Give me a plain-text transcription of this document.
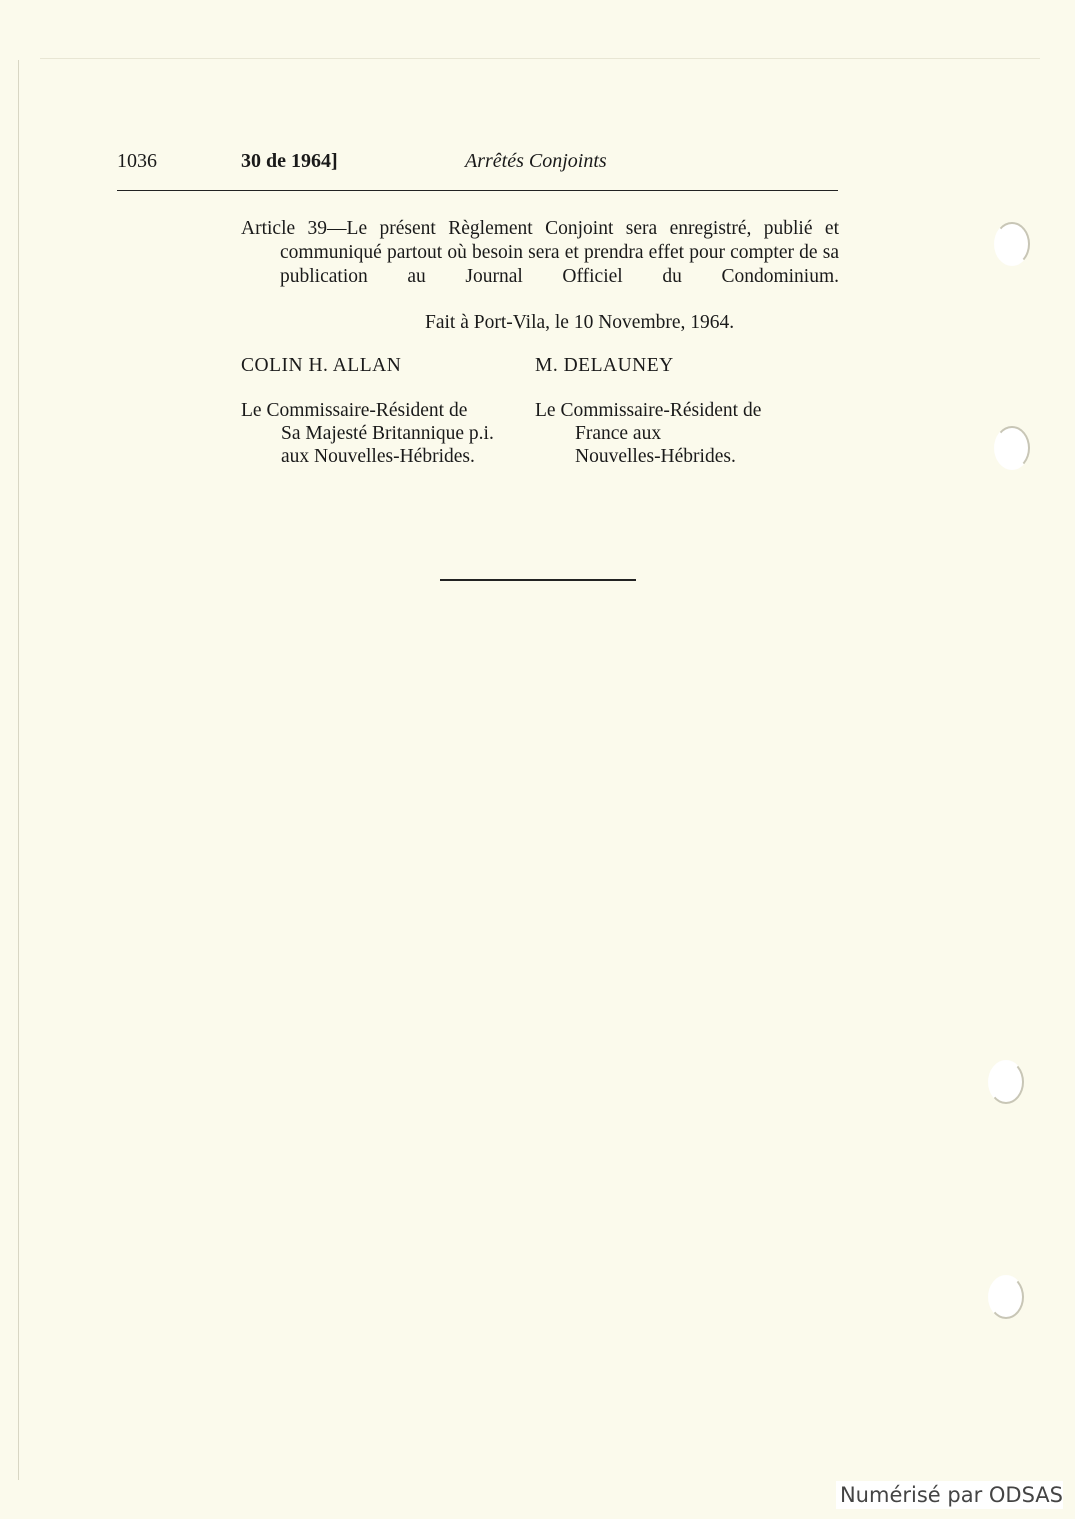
1036	30 de 1964]	Arrêtés Conjoints

Article 39—Le présent Règlement Conjoint sera enregistré, publié et communiqué partout où besoin sera et prendra effet pour compter de sa publication au Journal Officiel du Condominium.

Fait à Port-Vila, le 10 Novembre, 1964.
COLIN H. ALLAN
Le Commissaire-Résident de
Sa Majesté Britannique p.i.
aux Nouvelles-Hébrides.
M. DELAUNEY
Le Commissaire-Résident de
France aux
Nouvelles-Hébrides.
Numérisé par ODSAS
